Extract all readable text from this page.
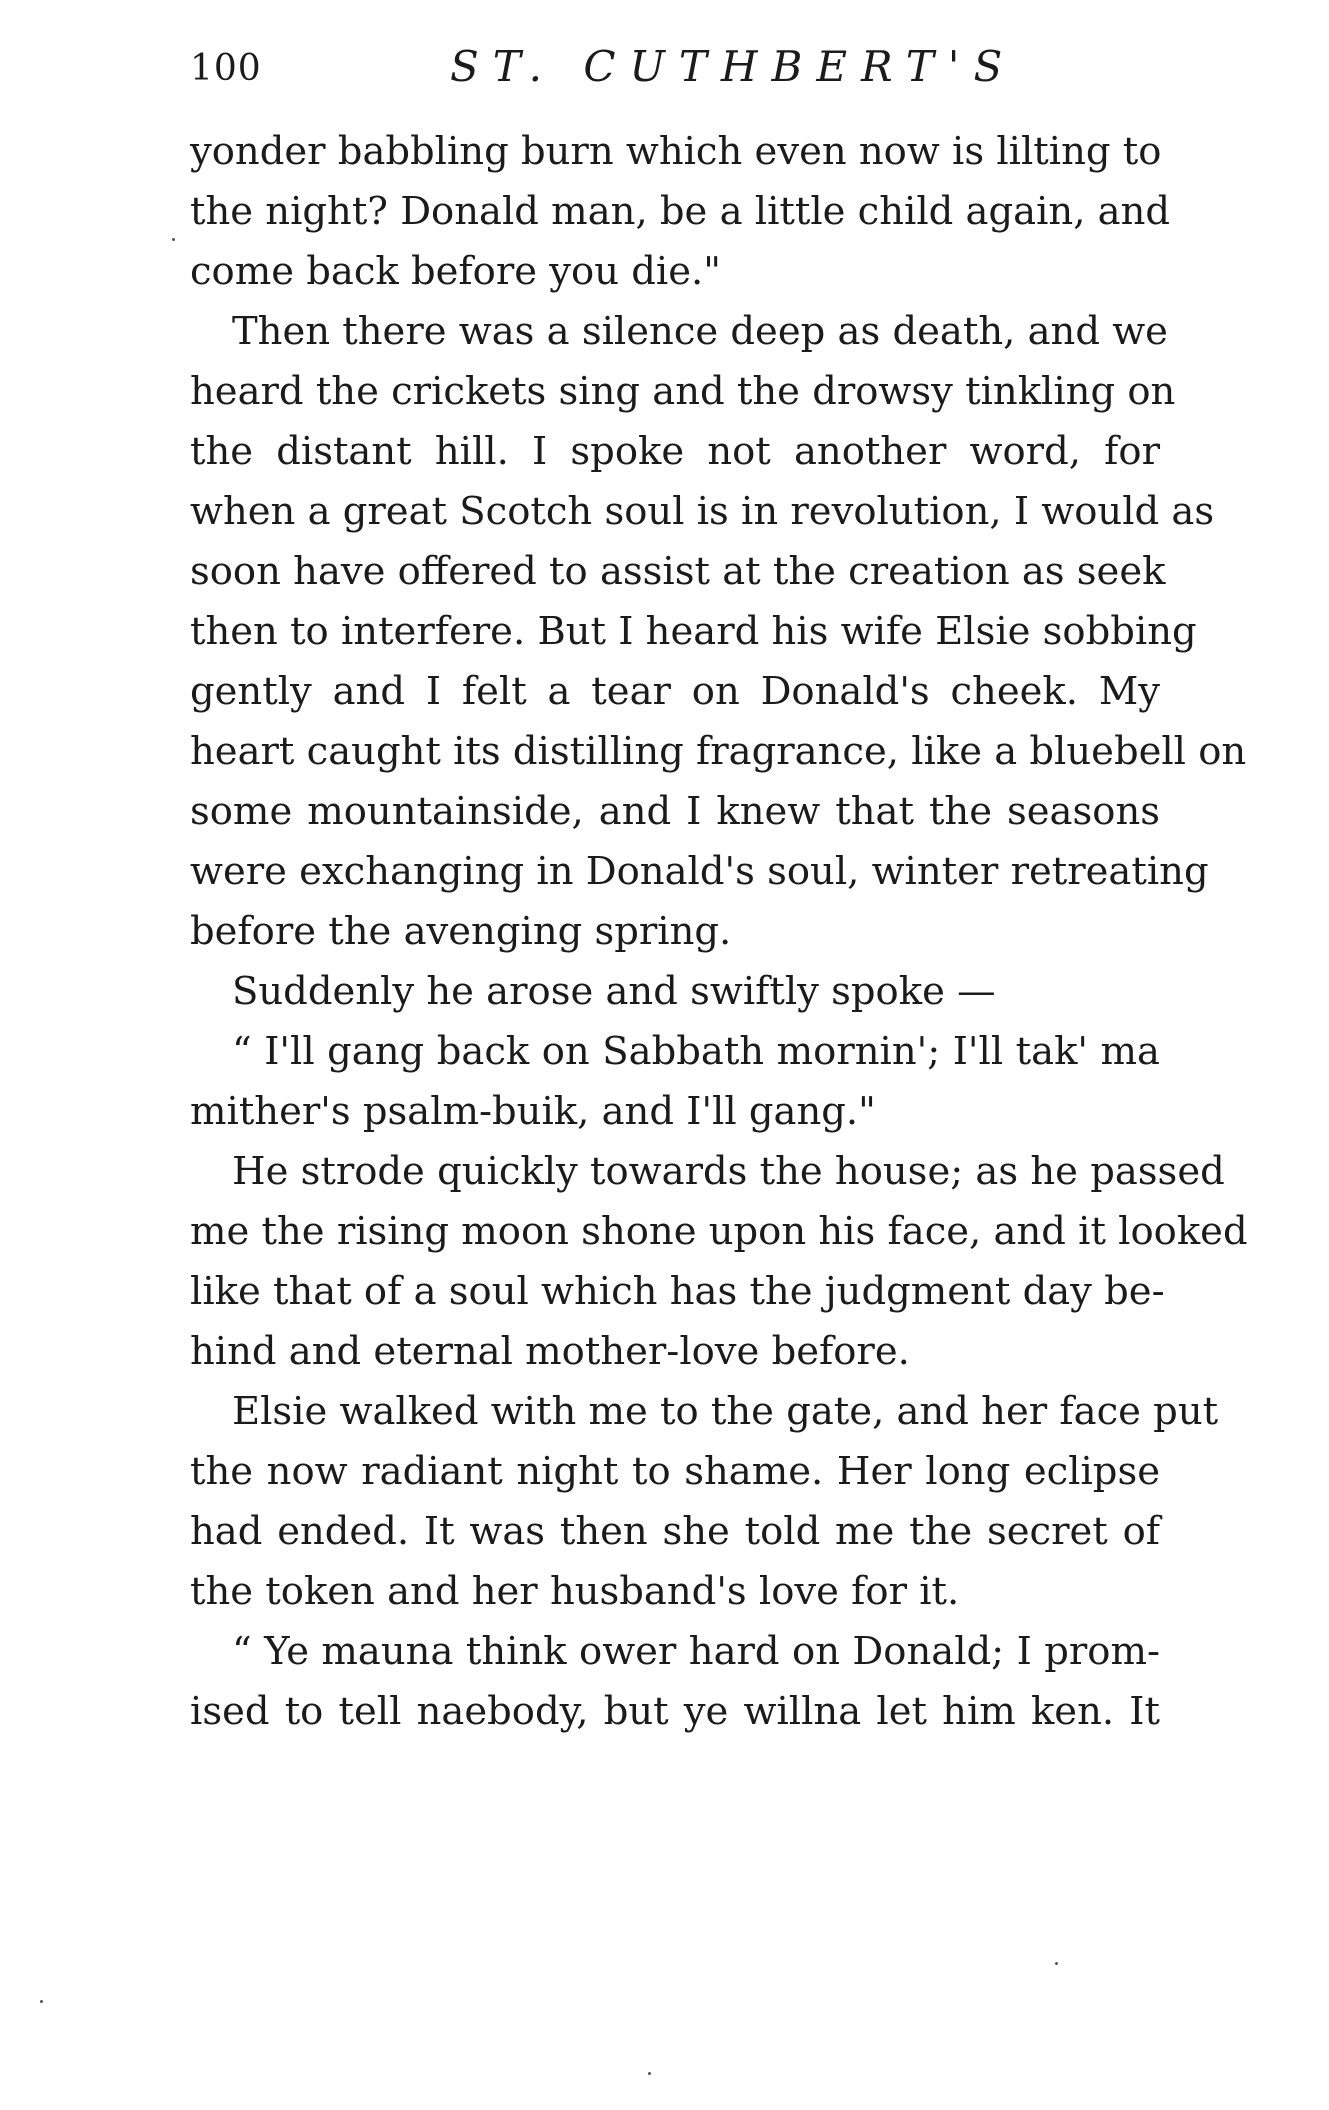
100	ST. CUTHBERT'S
yonder babbling burn which even now is lilting to
the night? Donald man, be a little child again, and
come back before you die."
Then there was a silence deep as death, and we
heard the crickets sing and the drowsy tinkling on
the distant hill. I spoke not another word, for
when a great Scotch soul is in revolution, I would as
soon have offered to assist at the creation as seek
then to interfere. But I heard his wife Elsie sobbing
gently and I felt a tear on Donald's cheek. My
heart caught its distilling fragrance, like a bluebell on
some mountainside, and I knew that the seasons
were exchanging in Donald's soul, winter retreating
before the avenging spring.
Suddenly he arose and swiftly spoke —
“ I'll gang back on Sabbath mornin'; I'll tak' ma
mither's psalm-buik, and I'll gang."
He strode quickly towards the house; as he passed
me the rising moon shone upon his face, and it looked
like that of a soul which has the judgment day be-
hind and eternal mother-love before.
Elsie walked with me to the gate, and her face put
the now radiant night to shame. Her long eclipse
had ended. It was then she told me the secret of
the token and her husband's love for it.
“ Ye mauna think ower hard on Donald; I prom-
ised to tell naebody, but ye willna let him ken. It
